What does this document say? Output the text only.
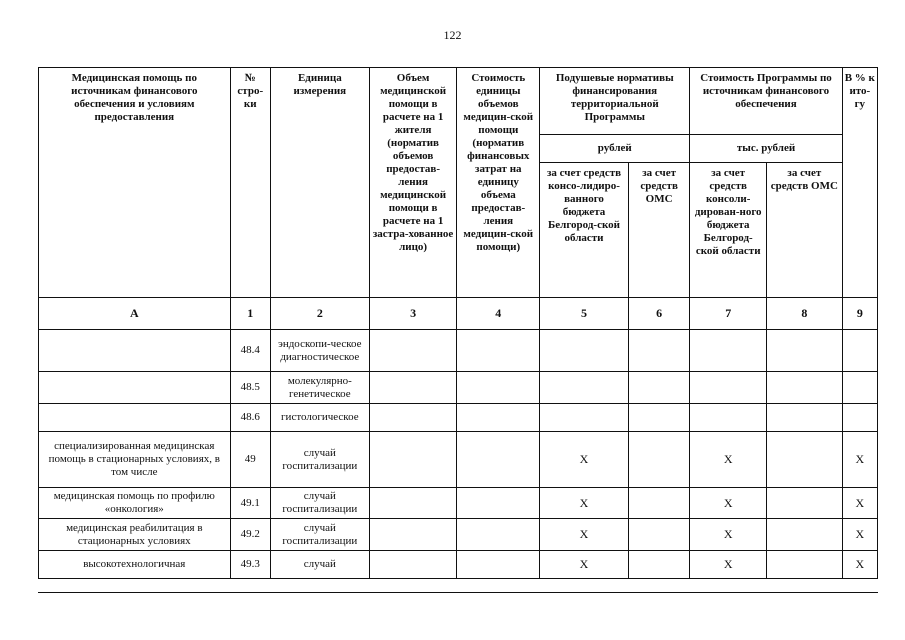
122
Медицинская помощь по источникам финансового обеспечения и условиям предоставления	№ стро-ки	Единица измерения	Объем медицинской помощи в расчете на 1 жителя (норматив объемов предостав-ления медицинской помощи в расчете на 1 застра-хованное лицо)	Стоимость единицы объемов медицин-ской помощи (норматив финансовых затрат на единицу объема предостав-ления медицин-ской помощи)	Подушевые нормативы финансирования территориальной Программы		Стоимость Программы по источникам финансового обеспечения		В % к ито-гу
					рублей		тыс. рублей		
					за счет средств консо-лидиро-ванного бюджета Белгород-ской области	за счет средств ОМС	за счет средств консоли-дирован-ного бюджета Белгород-ской области	за счет средств ОМС	
А	1	2	3	4	5	6	7	8	9
	48.4	эндоскопи-ческое диагностическое							
	48.5	молекулярно-генетическое							
	48.6	гистологическое							
специализированная медицинская помощь в стационарных условиях, в том числе	49	случай госпитализации			Х		Х		Х
медицинская помощь по профилю «онкология»	49.1	случай госпитализации			Х		Х		Х
медицинская реабилитация в стационарных условиях	49.2	случай госпитализации			Х		Х		Х
высокотехнологичная	49.3	случай			Х		Х		Х
